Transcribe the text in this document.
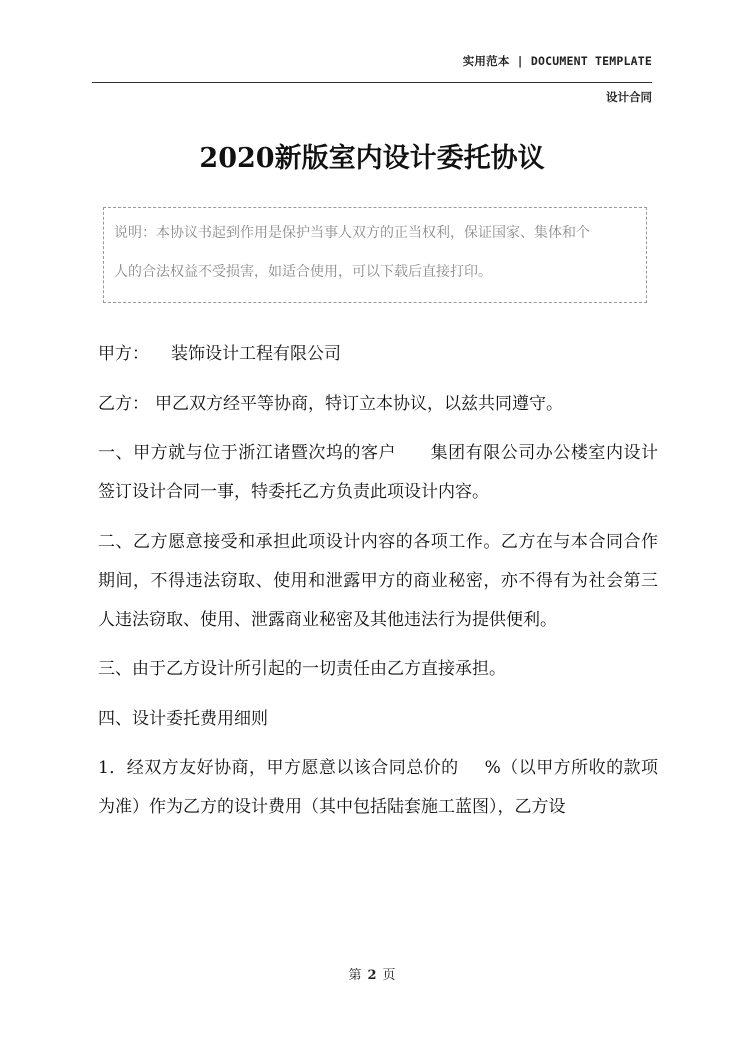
实用范本 | DOCUMENT TEMPLATE
设计合同
2020新版室内设计委托协议

说明：本协议书起到作用是保护当事人双方的正当权利，保证国家、集体和个

人的合法权益不受损害，如适合使用，可以下载后直接打印。

甲方： 装饰设计工程有限公司

乙方： 甲乙双方经平等协商，特订立本协议，以兹共同遵守。

一、甲方就与位于浙江诸暨次坞的客户 集团有限公司办公楼室内设计签订设计合同一事，特委托乙方负责此项设计内容。

二、乙方愿意接受和承担此项设计内容的各项工作。乙方在与本合同合作期间，不得违法窃取、使用和泄露甲方的商业秘密，亦不得有为社会第三人违法窃取、使用、泄露商业秘密及其他违法行为提供便利。

三、由于乙方设计所引起的一切责任由乙方直接承担。

四、设计委托费用细则

1．经双方友好协商，甲方愿意以该合同总价的 %（以甲方所收的款项为准）作为乙方的设计费用（其中包括陆套施工蓝图），乙方设

第 2 页
